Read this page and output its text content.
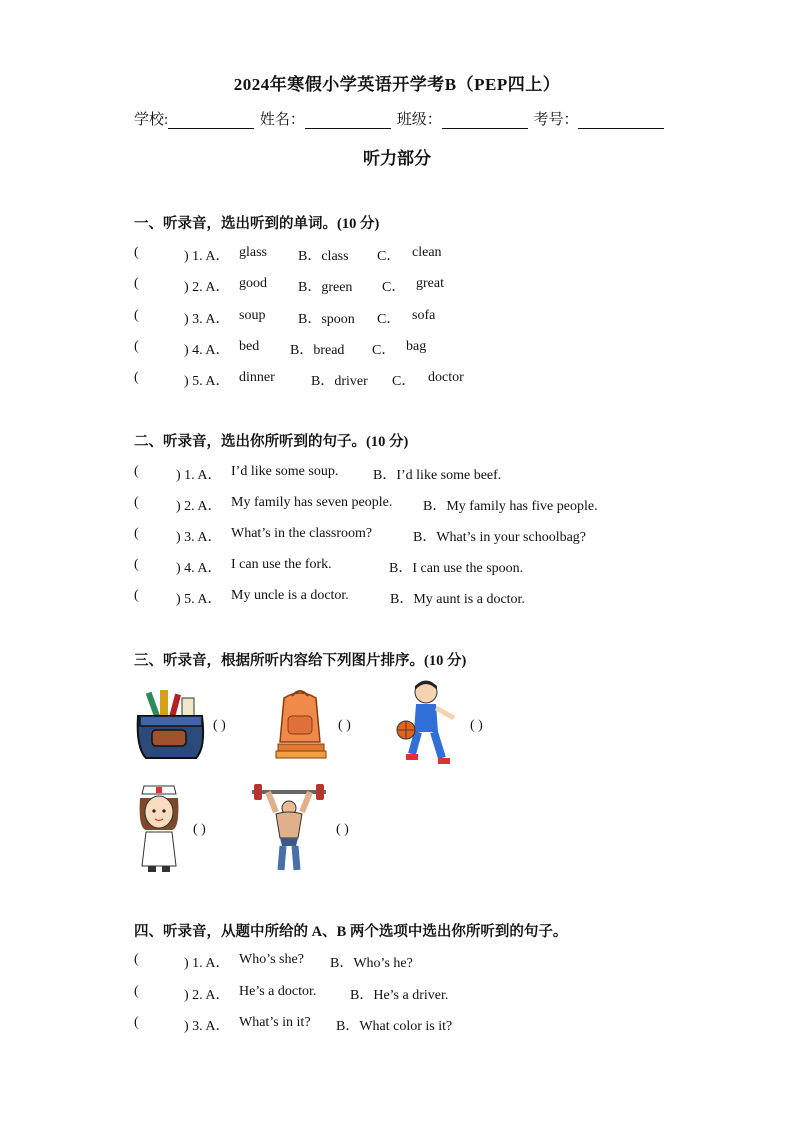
2024年寒假小学英语开学考B（PEP四上）
学校:	姓名：	班级：	考号：
听力部分
一、听录音，选出听到的单词。(10 分)
(	) 1. A． glass B．class C． clean
(	) 2. A． good B．green C． great
(	) 3. A． soup B．spoon C． sofa
(	) 4. A． bed B．bread C． bag
(	) 5. A． dinner	B．driver C． doctor
二、听录音，选出你所听到的句子。(10 分)
(	) 1. A． I’d like some soup. B．I’d like some beef.
(	) 2. A． My family has seven people. B．My family has five people.
(	) 3. A． What’s in the classroom?	B．What’s in your schoolbag?
(	) 4. A． I can use the fork.	B．I can use the spoon.
(	) 5. A． My uncle is a doctor.	B．My aunt is a doctor.
三、听录音，根据所听内容给下列图片排序。(10 分)
( )	( )	( )
( )	( )
四、听录音，从题中所给的 A、B 两个选项中选出你所听到的句子。
(	) 1. A． Who’s she? B．Who’s he?
(	) 2. A． He’s a doctor. B．He’s a driver.
(	) 3. A． What’s in it? B．What color is it?
